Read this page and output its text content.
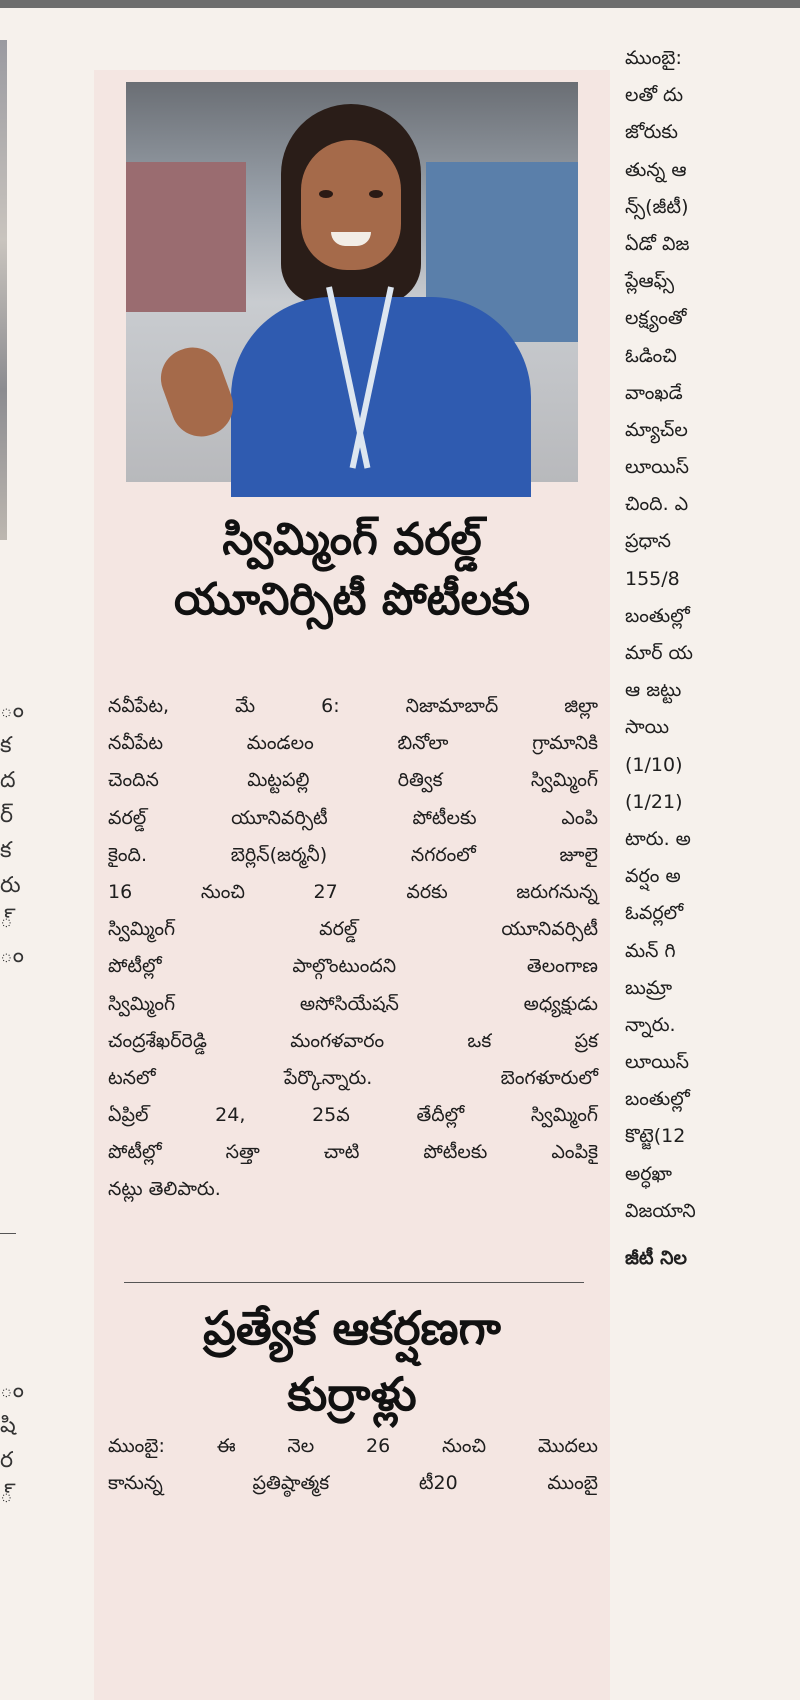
ం
క
ద
ర్
క
రు
్
ం
ం
షి
ర
్
స్విమ్మింగ్ వరల్డ్
యూనిర్సిటీ పోటీలకు
నవీపేట, మే 6: నిజామాబాద్ జిల్లా
నవీపేట మండలం బినోలా గ్రామానికి
చెందిన మిట్టపల్లి రిత్విక స్విమ్మింగ్
వరల్డ్ యూనివర్సిటీ పోటీలకు ఎంపి
కైంది. బెర్లిన్(జర్మనీ) నగరంలో జూలై
16 నుంచి 27 వరకు జరుగనున్న
స్విమ్మింగ్ వరల్డ్ యూనివర్సిటీ
పోటీల్లో పాల్గొంటుందని తెలంగాణ
స్విమ్మింగ్ అసోసియేషన్ అధ్యక్షుడు
చంద్రశేఖర్‌రెడ్డి మంగళవారం ఒక ప్రక
టనలో పేర్కొన్నారు. బెంగళూరులో
ఏప్రిల్ 24, 25వ తేదీల్లో స్విమ్మింగ్
పోటీల్లో సత్తా చాటి పోటీలకు ఎంపికై
నట్లు తెలిపారు.
ప్రత్యేక ఆకర్షణగా
కుర్రాళ్లు
ముంబై: ఈ నెల 26 నుంచి మొదలు
కానున్న ప్రతిష్ఠాత్మక టీ20 ముంబై
ముంబై:
లతో దు
జోరుకు
తున్న ఆ
న్స్(జీటీ)
ఏడో విజ
ప్లేఆఫ్స్
లక్ష్యంతో
ఓడించి
వాంఖడే
మ్యాచ్‌ల
లూయిస్
చింది. ఎ
ప్రధాన
155/8
బంతుల్లో
మార్ య
ఆ జట్టు
సాయి
(1/10)
(1/21)
టారు. అ
వర్షం అ
ఓవర్లలో
మన్ గి
బుమ్రా
న్నారు.
లూయిస్
బంతుల్లో
కొట్జె(12
అర్ధఖా
విజయాని
జీటీ నిల
